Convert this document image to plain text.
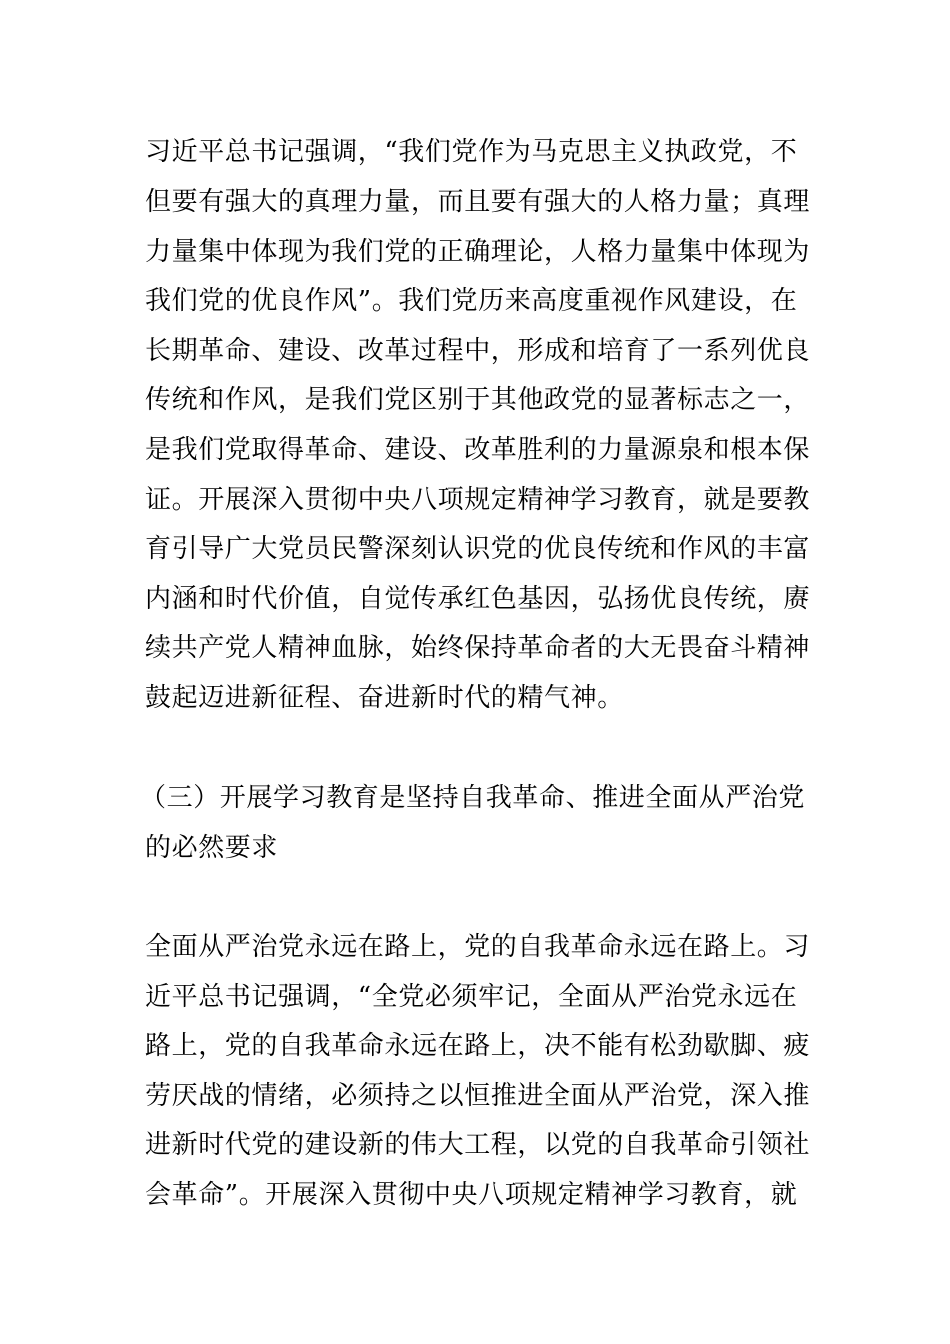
习近平总书记强调，“我们党作为马克思主义执政党，不
但要有强大的真理力量，而且要有强大的人格力量；真理
力量集中体现为我们党的正确理论，人格力量集中体现为
我们党的优良作风”。我们党历来高度重视作风建设，在
长期革命、建设、改革过程中，形成和培育了一系列优良
传统和作风，是我们党区别于其他政党的显著标志之一，
是我们党取得革命、建设、改革胜利的力量源泉和根本保
证。开展深入贯彻中央八项规定精神学习教育，就是要教
育引导广大党员民警深刻认识党的优良传统和作风的丰富
内涵和时代价值，自觉传承红色基因，弘扬优良传统，赓
续共产党人精神血脉，始终保持革命者的大无畏奋斗精神
鼓起迈进新征程、奋进新时代的精气神。
（三）开展学习教育是坚持自我革命、推进全面从严治党
的必然要求
全面从严治党永远在路上，党的自我革命永远在路上。习
近平总书记强调，“全党必须牢记，全面从严治党永远在
路上，党的自我革命永远在路上，决不能有松劲歇脚、疲
劳厌战的情绪，必须持之以恒推进全面从严治党，深入推
进新时代党的建设新的伟大工程，以党的自我革命引领社
会革命”。开展深入贯彻中央八项规定精神学习教育，就
